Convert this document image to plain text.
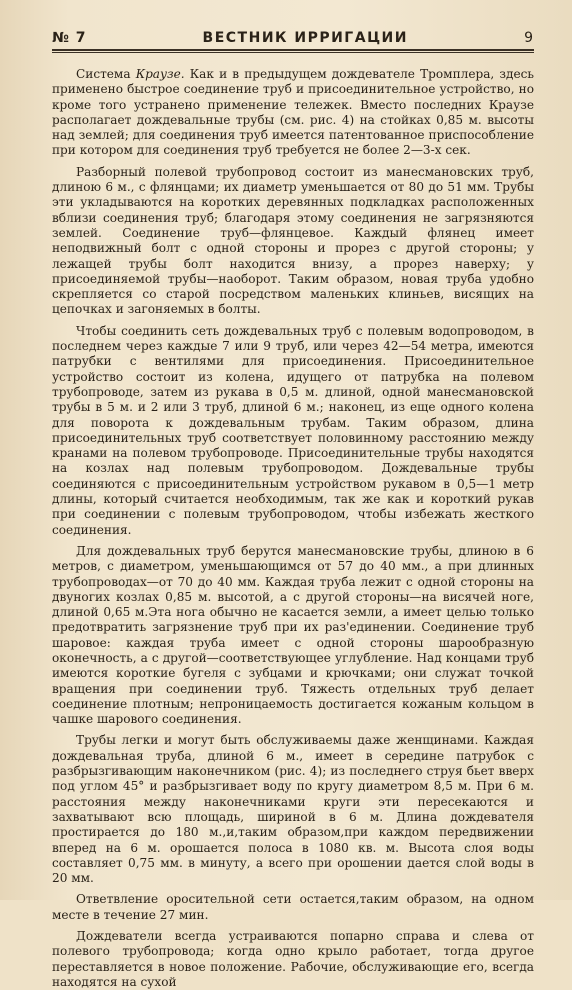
№ 7	ВЕСТНИК ИРРИГАЦИИ	9

Система Краузе. Как и в предыдущем дождевателе Тромплера, здесь применено быстрое соединение труб и присоединительное устройство, но кроме того устранено применение тележек. Вместо последних Краузе располагает дождевальные трубы (см. рис. 4) на стойках 0,85 м. высоты над землей; для соединения труб имеется патентованное приспособление при котором для соединения труб требуется не более 2—3-х сек.

Разборный полевой трубопровод состоит из манесмановских труб, длиною 6 м., с флянцами; их диаметр уменьшается от 80 до 51 мм. Трубы эти укладываются на коротких деревянных подкладках расположенных вблизи соединения труб; благодаря этому соединения не загрязняются землей. Соединение труб—флянцевое. Каждый флянец имеет неподвижный болт с одной стороны и прорез с другой стороны; у лежащей трубы болт находится внизу, а прорез наверху; у присоединяемой трубы—наоборот. Таким образом, новая труба удобно скрепляется со старой посредством маленьких клиньев, висящих на цепочках и загоняемых в болты.

Чтобы соединить сеть дождевальных труб с полевым водопроводом, в последнем через каждые 7 или 9 труб, или через 42—54 метра, имеются патрубки с вентилями для присоединения. Присоединительное устройство состоит из колена, идущего от патрубка на полевом трубопроводе, затем из рукава в 0,5 м. длиной, одной манесмановской трубы в 5 м. и 2 или 3 труб, длиной 6 м.; наконец, из еще одного колена для поворота к дождевальным трубам. Таким образом, длина присоединительных труб соответствует половинному расстоянию между кранами на полевом трубопроводе. Присоединительные трубы находятся на козлах над полевым трубопроводом. Дождевальные трубы соединяются с присоединительным устройством рукавом в 0,5—1 метр длины, который считается необходимым, так же как и короткий рукав при соединении с полевым трубопроводом, чтобы избежать жесткого соединения.

Для дождевальных труб берутся манесмановские трубы, длиною в 6 метров, с диаметром, уменьшающимся от 57 до 40 мм., а при длинных трубопроводах—от 70 до 40 мм. Каждая труба лежит с одной стороны на двуногих козлах 0,85 м. высотой, а с другой стороны—на висячей ноге, длиной 0,65 м.Эта нога обычно не касается земли, а имеет целью только предотвратить загрязнение труб при их раз'единении. Соединение труб шаровое: каждая труба имеет с одной стороны шарообразную оконечность, а с другой—соответствующее углубление. Над концами труб имеются короткие бугеля с зубцами и крючками; они служат точкой вращения при соединении труб. Тяжесть отдельных труб делает соединение плотным; непроницаемость достигается кожаным кольцом в чашке шарового соединения.

Трубы легки и могут быть обслуживаемы даже женщинами. Каждая дождевальная труба, длиной 6 м., имеет в середине патрубок с разбрызгивающим наконечником (рис. 4); из последнего струя бьет вверх под углом 45° и разбрызгивает воду по кругу диаметром 8,5 м. При 6 м. расстояния между наконечниками круги эти пересекаются и захватывают всю площадь, шириной в 6 м. Длина дождевателя простирается до 180 м.,и,таким образом,при каждом передвижении вперед на 6 м. орошается полоса в 1080 кв. м. Высота слоя воды составляет 0,75 мм. в минуту, а всего при орошении дается слой воды в 20 мм.

Ответвление оросительной сети остается,таким образом, на одном месте в течение 27 мин.

Дождеватели всегда устраиваются попарно справа и слева от полевого трубопровода; когда одно крыло работает, тогда другое переставляется в новое положение. Рабочие, обслуживающие его, всегда находятся на сухой
